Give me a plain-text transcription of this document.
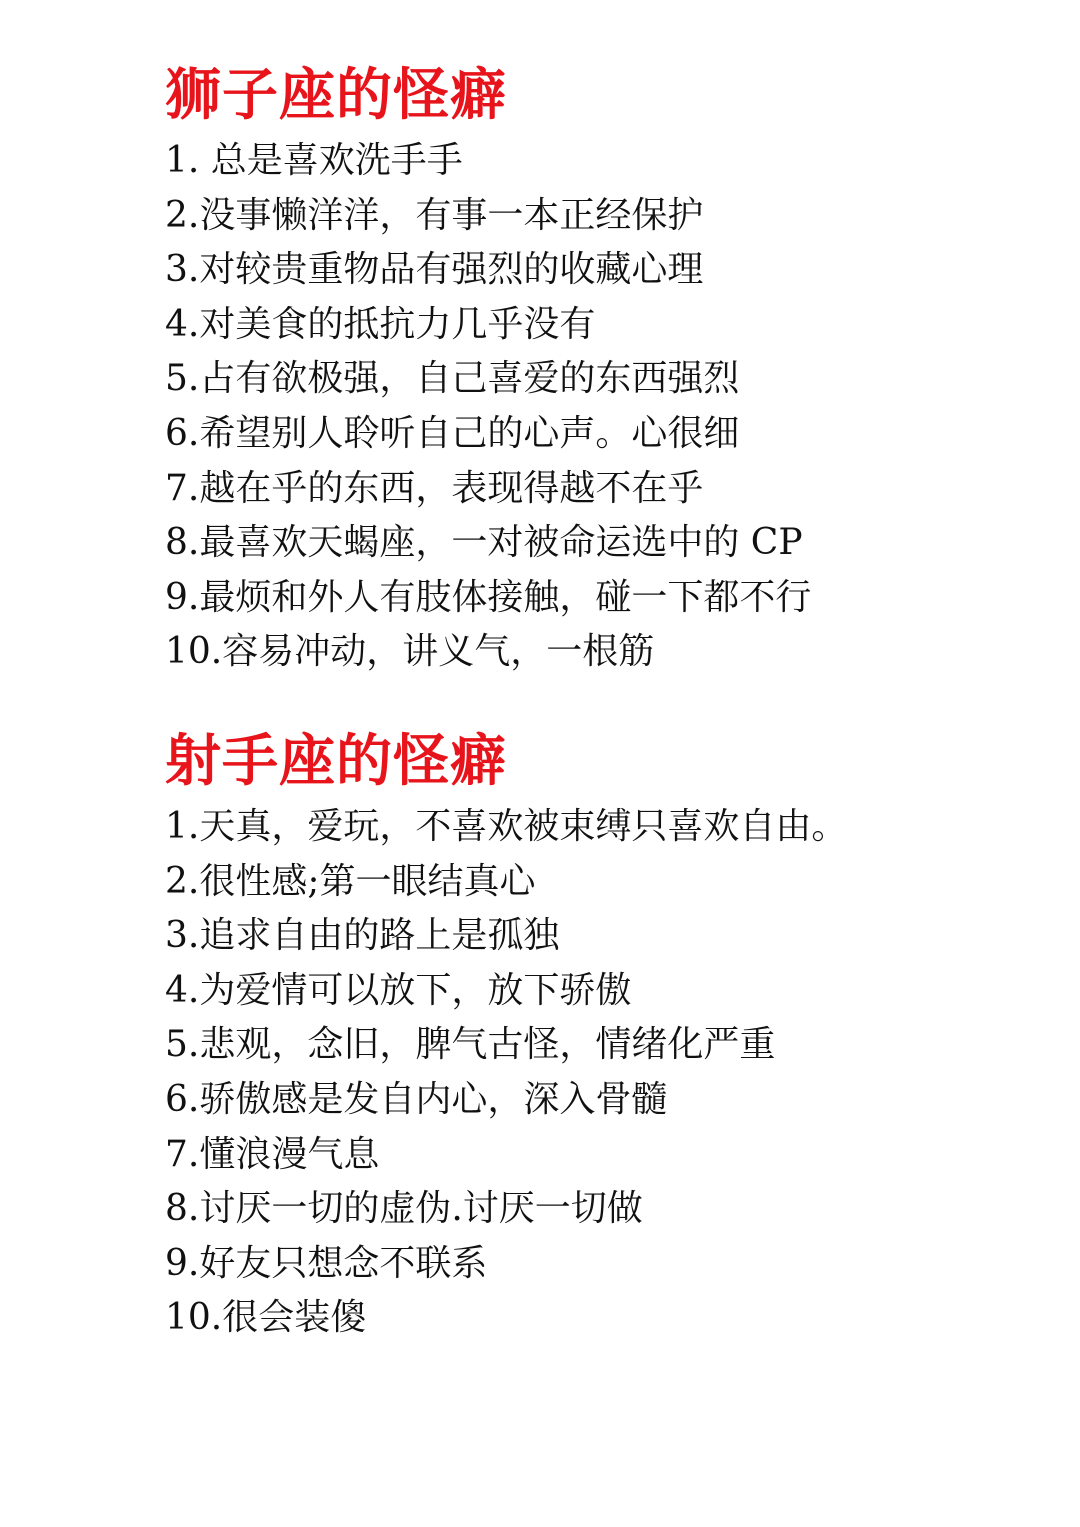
狮子座的怪癖
1. 总是喜欢洗手手
2.没事懒洋洋，有事一本正经保护
3.对较贵重物品有强烈的收藏心理
4.对美食的抵抗力几乎没有
5.占有欲极强，自己喜爱的东西强烈
6.希望别人聆听自己的心声。心很细
7.越在乎的东西，表现得越不在乎
8.最喜欢天蝎座，一对被命运选中的 CP
9.最烦和外人有肢体接触，碰一下都不行
10.容易冲动，讲义气，一根筋
射手座的怪癖
1.天真，爱玩，不喜欢被束缚只喜欢自由。
2.很性感;第一眼结真心
3.追求自由的路上是孤独
4.为爱情可以放下，放下骄傲
5.悲观，念旧，脾气古怪，情绪化严重
6.骄傲感是发自内心，深入骨髓
7.懂浪漫气息
8.讨厌一切的虚伪.讨厌一切做
9.好友只想念不联系
10.很会装傻
